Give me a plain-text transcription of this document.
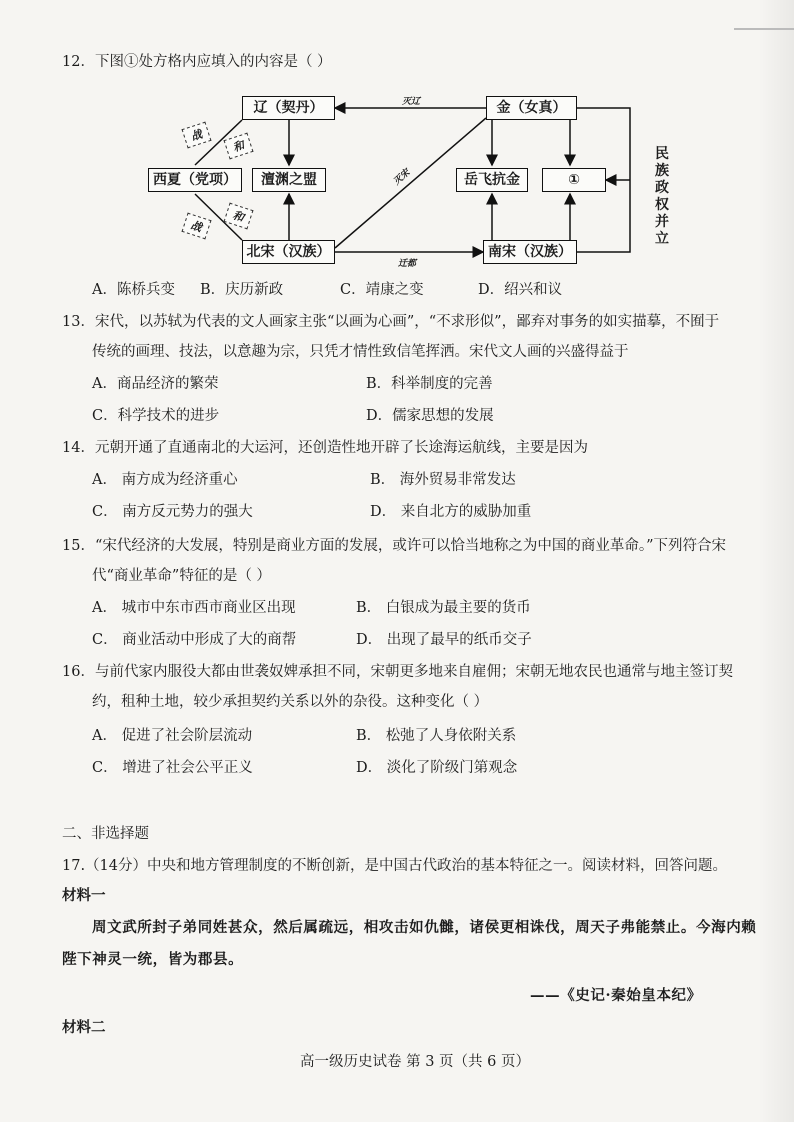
12．下图①处方格内应填入的内容是（ ）
辽（契丹）	金（女真）
西夏（党项）	澶渊之盟	岳飞抗金	①
北宋（汉族）	南宋（汉族）
战
和
战
和
灭辽
灭宋
迁都
民族政权并立
A．陈桥兵变 B．庆历新政	C．靖康之变	D．绍兴和议
13．宋代，以苏轼为代表的文人画家主张“以画为心画”，“不求形似”，鄙弃对事务的如实描摹，不囿于
传统的画理、技法，以意趣为宗，只凭才情性致信笔挥洒。宋代文人画的兴盛得益于
A．商品经济的繁荣	B．科举制度的完善
C．科学技术的进步	D．儒家思想的发展
14．元朝开通了直通南北的大运河，还创造性地开辟了长途海运航线，主要是因为
A． 南方成为经济重心	B． 海外贸易非常发达
C． 南方反元势力的强大	D． 来自北方的威胁加重
15．“宋代经济的大发展，特别是商业方面的发展，或许可以恰当地称之为中国的商业革命。”下列符合宋
代“商业革命”特征的是（ ）
A． 城市中东市西市商业区出现	B． 白银成为最主要的货币
C． 商业活动中形成了大的商帮	D． 出现了最早的纸币交子
16．与前代家内服役大都由世袭奴婢承担不同，宋朝更多地来自雇佣；宋朝无地农民也通常与地主签订契
约，租种土地，较少承担契约关系以外的杂役。这种变化（ ）
A． 促进了社会阶层流动	B． 松弛了人身依附关系
C． 增进了社会公平正义	D． 淡化了阶级门第观念
二、非选择题
17.（14分）中央和地方管理制度的不断创新，是中国古代政治的基本特征之一。阅读材料，回答问题。
材料一
周文武所封子弟同姓甚众，然后属疏远，相攻击如仇雠，诸侯更相诛伐，周天子弗能禁止。今海内赖
陛下神灵一统，皆为郡县。
——《史记·秦始皇本纪》
材料二
高一级历史试卷 第 3 页（共 6 页）
